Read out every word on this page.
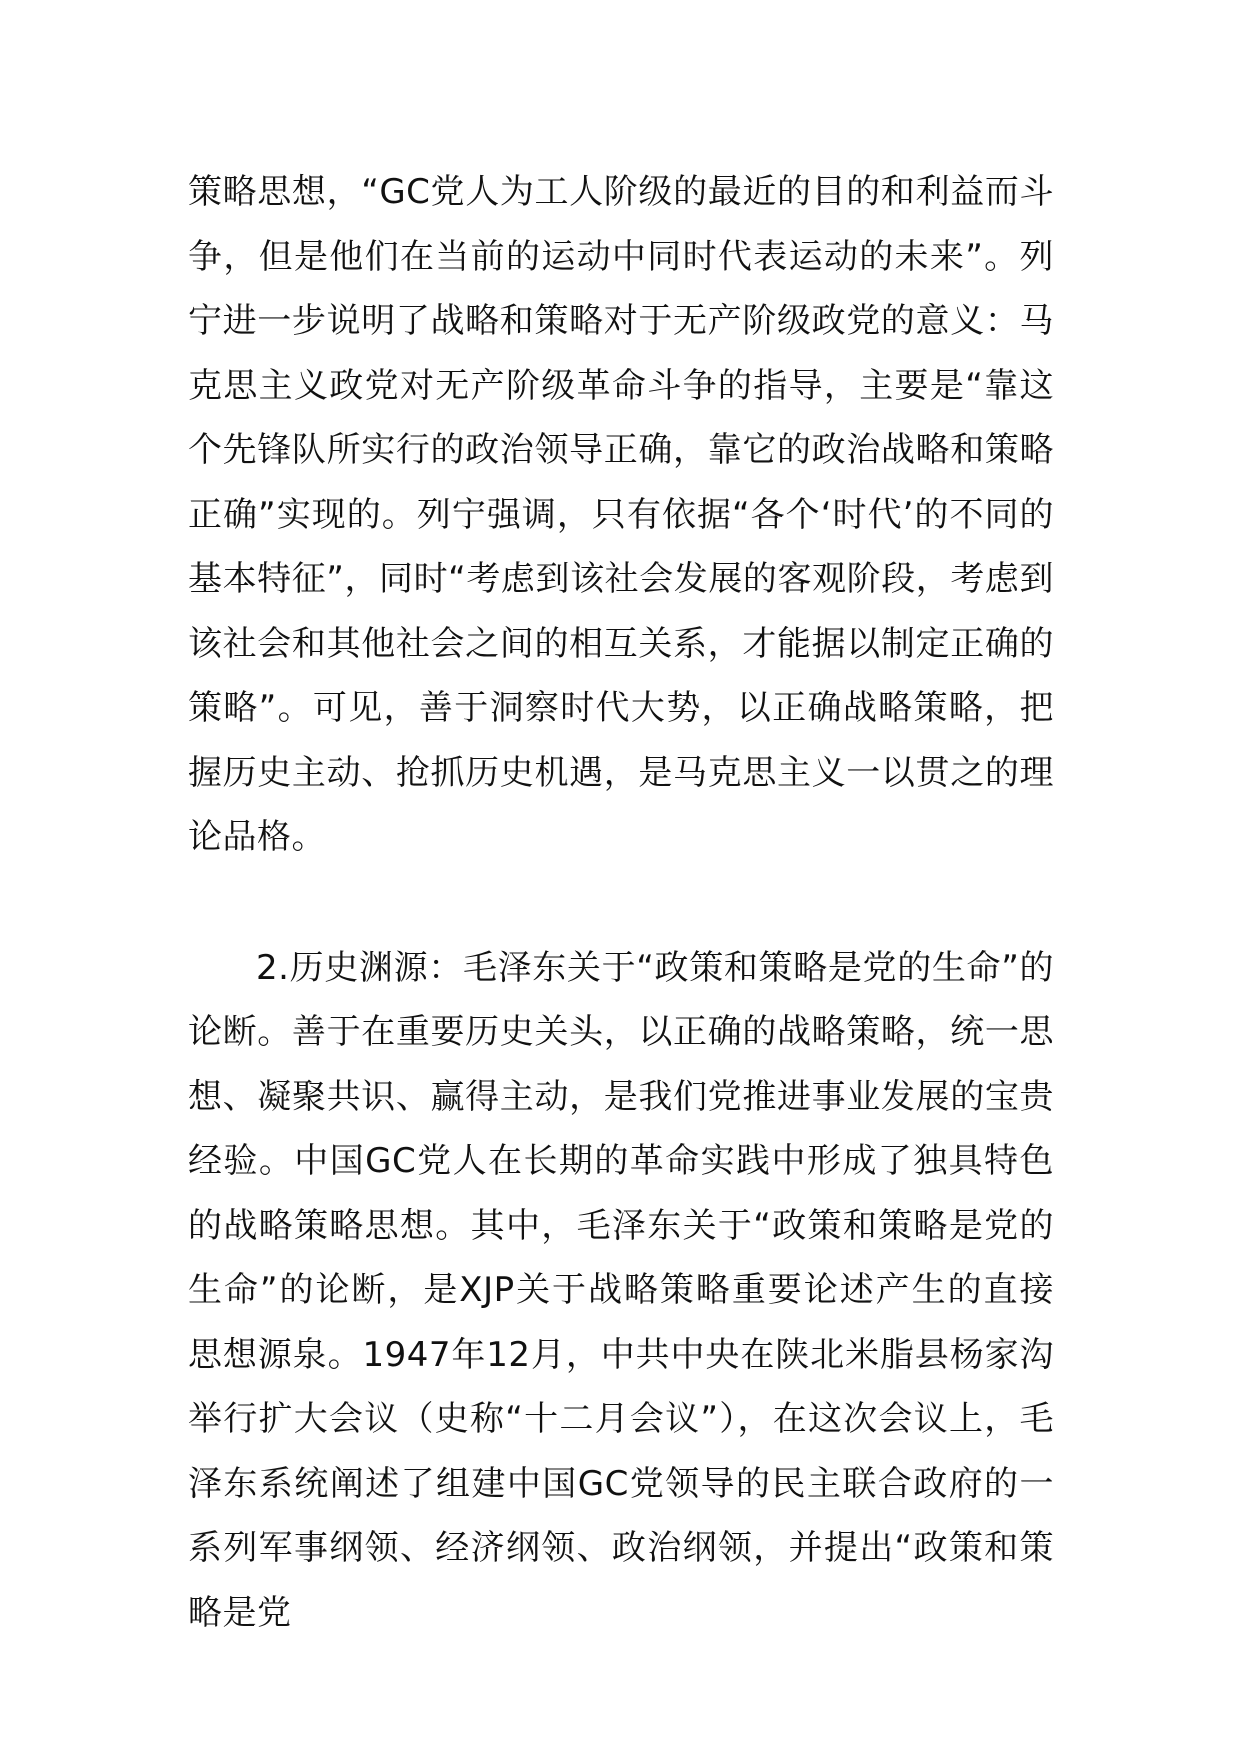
策略思想，“GC党人为工人阶级的最近的目的和利益而斗争，但是他们在当前的运动中同时代表运动的未来”。列宁进一步说明了战略和策略对于无产阶级政党的意义：马克思主义政党对无产阶级革命斗争的指导，主要是“靠这个先锋队所实行的政治领导正确，靠它的政治战略和策略正确”实现的。列宁强调，只有依据“各个‘时代’的不同的基本特征”，同时“考虑到该社会发展的客观阶段，考虑到该社会和其他社会之间的相互关系，才能据以制定正确的策略”。可见，善于洞察时代大势，以正确战略策略，把握历史主动、抢抓历史机遇，是马克思主义一以贯之的理论品格。

2.历史渊源：毛泽东关于“政策和策略是党的生命”的论断。善于在重要历史关头，以正确的战略策略，统一思想、凝聚共识、赢得主动，是我们党推进事业发展的宝贵经验。中国GC党人在长期的革命实践中形成了独具特色的战略策略思想。其中，毛泽东关于“政策和策略是党的生命”的论断，是XJP关于战略策略重要论述产生的直接思想源泉。1947年12月，中共中央在陕北米脂县杨家沟举行扩大会议（史称“十二月会议”），在这次会议上，毛泽东系统阐述了组建中国GC党领导的民主联合政府的一系列军事纲领、经济纲领、政治纲领，并提出“政策和策略是党
